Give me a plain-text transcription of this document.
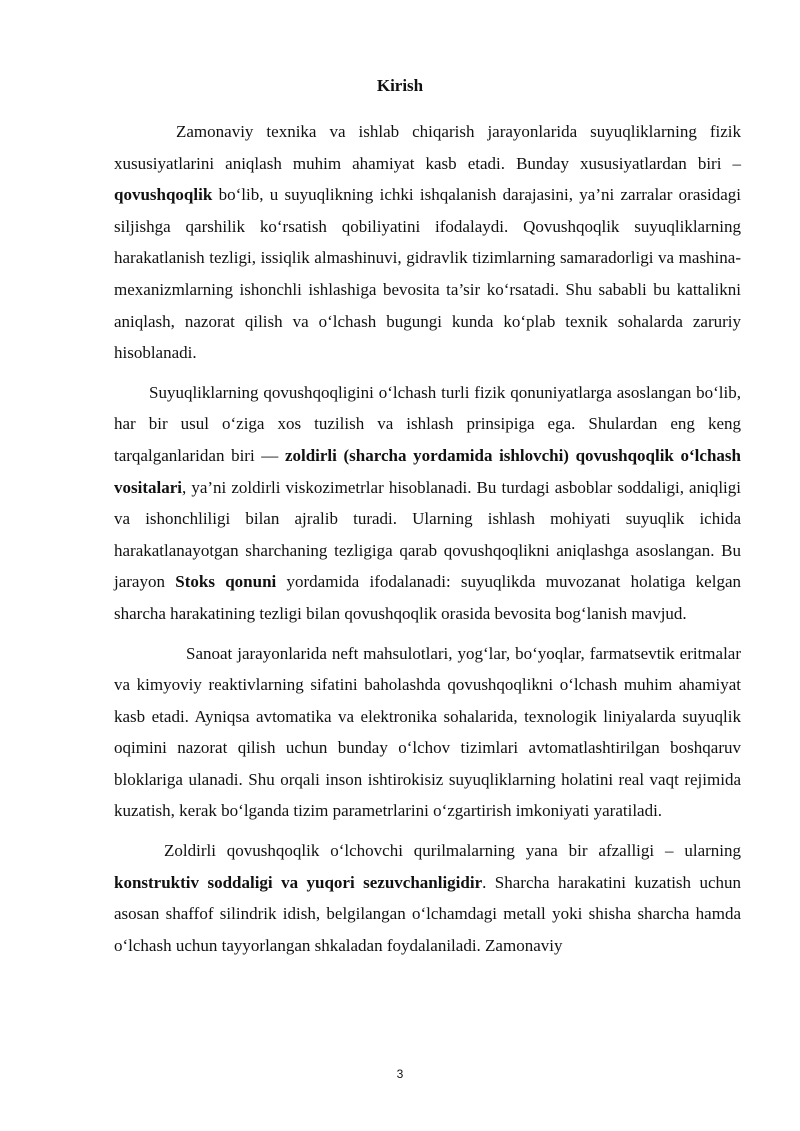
Kirish

Zamonaviy texnika va ishlab chiqarish jarayonlarida suyuqliklarning fizik xususiyatlarini aniqlash muhim ahamiyat kasb etadi. Bunday xususiyatlardan biri – qovushqoqlik bo‘lib, u suyuqlikning ichki ishqalanish darajasini, ya’ni zarralar orasidagi siljishga qarshilik ko‘rsatish qobiliyatini ifodalaydi. Qovushqoqlik suyuqliklarning harakatlanish tezligi, issiqlik almashinuvi, gidravlik tizimlarning samaradorligi va mashina-mexanizmlarning ishonchli ishlashiga bevosita ta’sir ko‘rsatadi. Shu sababli bu kattalikni aniqlash, nazorat qilish va o‘lchash bugungi kunda ko‘plab texnik sohalarda zaruriy hisoblanadi.

Suyuqliklarning qovushqoqligini o‘lchash turli fizik qonuniyatlarga asoslangan bo‘lib, har bir usul o‘ziga xos tuzilish va ishlash prinsipiga ega. Shulardan eng keng tarqalganlaridan biri — zoldirli (sharcha yordamida ishlovchi) qovushqoqlik o‘lchash vositalari, ya’ni zoldirli viskozimetrlar hisoblanadi. Bu turdagi asboblar soddaligi, aniqligi va ishonchliligi bilan ajralib turadi. Ularning ishlash mohiyati suyuqlik ichida harakatlanayotgan sharchaning tezligiga qarab qovushqoqlikni aniqlashga asoslangan. Bu jarayon Stoks qonuni yordamida ifodalanadi: suyuqlikda muvozanat holatiga kelgan sharcha harakatining tezligi bilan qovushqoqlik orasida bevosita bog‘lanish mavjud.

Sanoat jarayonlarida neft mahsulotlari, yog‘lar, bo‘yoqlar, farmatsevtik eritmalar va kimyoviy reaktivlarning sifatini baholashda qovushqoqlikni o‘lchash muhim ahamiyat kasb etadi. Ayniqsa avtomatika va elektronika sohalarida, texnologik liniyalarda suyuqlik oqimini nazorat qilish uchun bunday o‘lchov tizimlari avtomatlashtirilgan boshqaruv bloklariga ulanadi. Shu orqali inson ishtirokisiz suyuqliklarning holatini real vaqt rejimida kuzatish, kerak bo‘lganda tizim parametrlarini o‘zgartirish imkoniyati yaratiladi.

Zoldirli qovushqoqlik o‘lchovchi qurilmalarning yana bir afzalligi – ularning konstruktiv soddaligi va yuqori sezuvchanligidir. Sharcha harakatini kuzatish uchun asosan shaffof silindrik idish, belgilangan o‘lchamdagi metall yoki shisha sharcha hamda o‘lchash uchun tayyorlangan shkaladan foydalaniladi. Zamonaviy

3
